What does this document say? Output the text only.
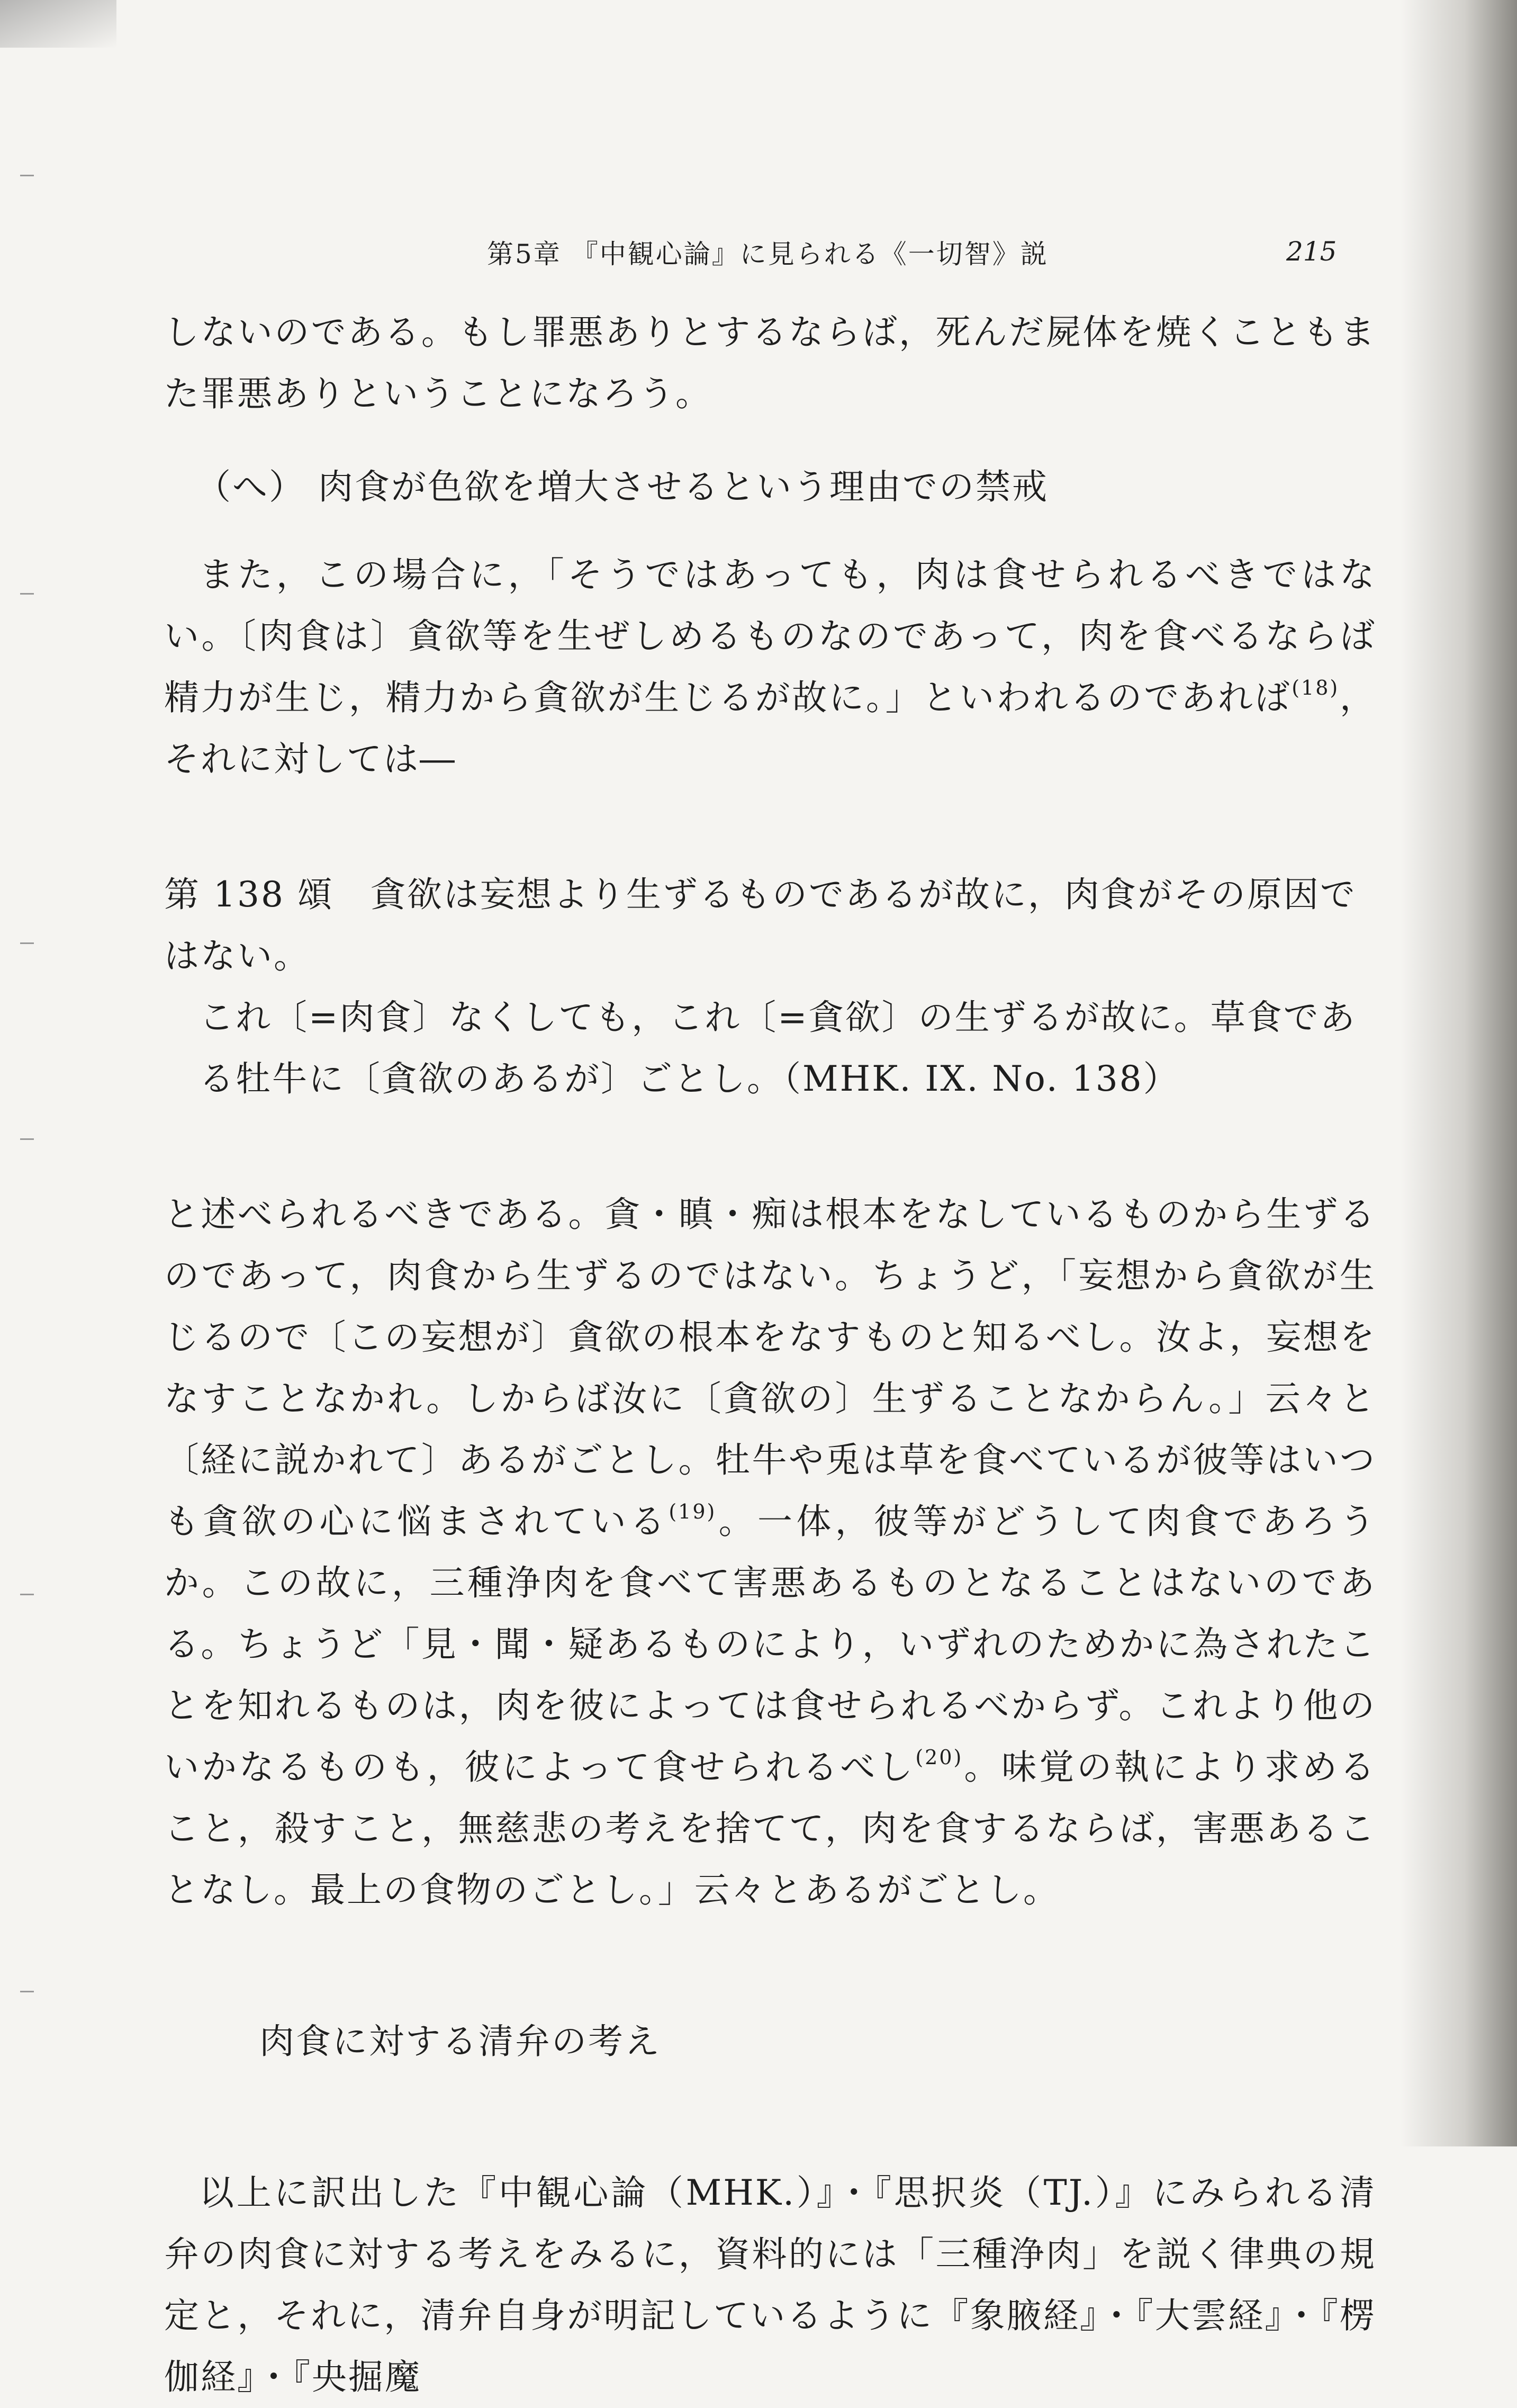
第5章 『中観心論』に見られる《一切智》説	215

しないのである。もし罪悪ありとするならば，死んだ屍体を焼くこともまた罪悪ありということになろう。

（へ） 肉食が色欲を増大させるという理由での禁戒

また，この場合に，「そうではあっても，肉は食せられるべきではない。〔肉食は〕貪欲等を生ぜしめるものなのであって，肉を食べるならば精力が生じ，精力から貪欲が生じるが故に。」といわれるのであれば$^{(18)}$，それに対しては―

第 138 頌　貪欲は妄想より生ずるものであるが故に，肉食がその原因ではない。

これ〔=肉食〕なくしても，これ〔=貪欲〕の生ずるが故に。草食である牡牛に〔貪欲のあるが〕ごとし。（MHK. IX. No. 138）

と述べられるべきである。貪・瞋・痴は根本をなしているものから生ずるのであって，肉食から生ずるのではない。ちょうど，「妄想から貪欲が生じるので〔この妄想が〕貪欲の根本をなすものと知るべし。汝よ，妄想をなすことなかれ。しからば汝に〔貪欲の〕生ずることなからん。」云々と〔経に説かれて〕あるがごとし。牡牛や兎は草を食べているが彼等はいつも貪欲の心に悩まされている$^{(19)}$。一体，彼等がどうして肉食であろうか。この故に，三種浄肉を食べて害悪あるものとなることはないのである。ちょうど「見・聞・疑あるものにより，いずれのためかに為されたことを知れるものは，肉を彼によっては食せられるべからず。これより他のいかなるものも，彼によって食せられるべし$^{(20)}$。味覚の執により求めること，殺すこと，無慈悲の考えを捨てて，肉を食するならば，害悪あることなし。最上の食物のごとし。」云々とあるがごとし。

肉食に対する清弁の考え

以上に訳出した『中観心論（MHK.）』・『思択炎（TJ.）』にみられる清弁の肉食に対する考えをみるに，資料的には「三種浄肉」を説く律典の規定と，それに，清弁自身が明記しているように『象腋経』・『大雲経』・『楞伽経』・『央掘魔
